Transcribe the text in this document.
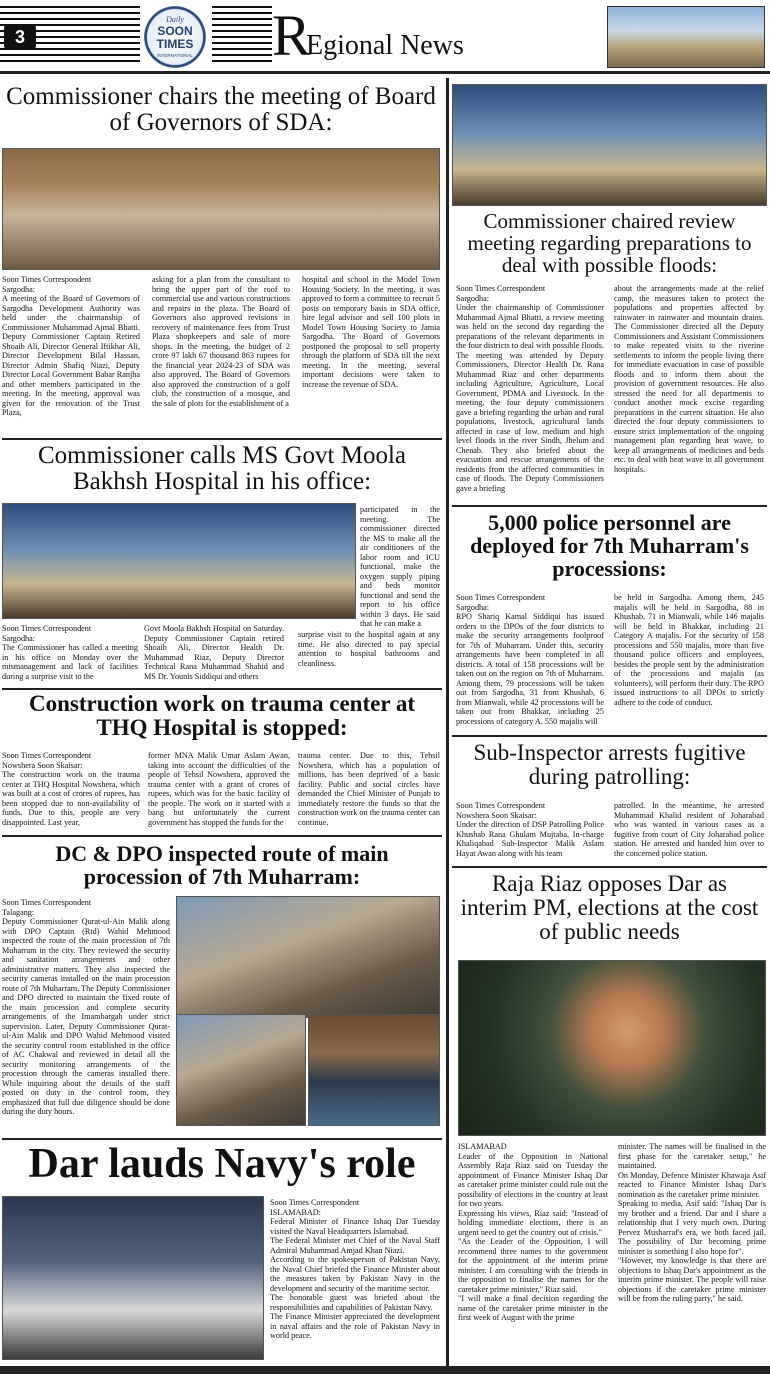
3
Daily
SOON TIMES
INTERNATIONAL R
Egional News
Commissioner chairs the meeting of Board of Governors of SDA:
Soon Times Correspondent
Sargodha:
A meeting of the Board of Governors of Sargodha Development Authority was held under the chairmanship of Commissioner Muhammad Ajmal Bhatti. Deputy Commissioner Captain Retired Shoaib Ali, Director General Iftikhar Ali, Director Development Bilal Hassan, Director Admin Shafiq Niazi, Deputy Director Local Government Babar Ranjha and other members participated in the meeting. In the meeting, approval was given for the renovation of the Trust Plaza,
asking for a plan from the consultant to bring the upper part of the roof to commercial use and various constructions and repairs in the plaza. The Board of Governors also approved revisions in recovery of maintenance fees from Trust Plaza shopkeepers and sale of more shops. In the meeting, the budget of 2 crore 97 lakh 67 thousand 863 rupees for the financial year 2024-23 of SDA was also approved. The Board of Governors also approved the construction of a golf club, the construction of a mosque, and the sale of plots for the establishment of a
hospital and school in the Model Town Housing Society. In the meeting, it was approved to form a committee to recruit 5 posts on temporary basis in SDA office, hire legal advisor and sell 100 plots in Model Town Housing Society to Jamia Sargodha. The Board of Governors postponed the proposal to sell property through the platform of SDA till the next meeting. In the meeting, several important decisions were taken to increase the revenue of SDA.
Commissioner calls MS Govt Moola Bakhsh Hospital in his office:
participated in the meeting. The commissioner directed the MS to make all the air conditioners of the labor room and ICU functional, make the oxygen supply piping and beds monitor functional and send the report to his office within 3 days. He said that he can make a
Soon Times Correspondent
Sargodha:
The Commissioner has called a meeting in his office on Monday over the mismanagement and lack of facilities during a surprise visit to the
Govt Moola Bakhsh Hospital on Saturday. Deputy Commissioner Captain retired Shoaib Ali, Director Health Dr. Muhammad Riaz, Deputy Director Technical Rana Muhammad Shahid and MS Dr. Younis Siddiqui and others
surprise visit to the hospital again at any time. He also directed to pay special attention to hospital bathrooms and cleanliness.
Construction work on trauma center at THQ Hospital is stopped:
Soon Times Correspondent
Nowshera Soon Skaisar:
The construction work on the trauma center at THQ Hospital Nowshera, which was built at a cost of crores of rupees, has been stopped due to non-availability of funds. Due to this, people are very disappointed. Last year,
former MNA Malik Umar Aslam Awan, taking into account the difficulties of the people of Tehsil Nowshera, approved the trauma center with a grant of crores of rupees, which was for the basic facility of the people. The work on it started with a bang but unfortunately the current government has stopped the funds for the
trauma center. Due to this, Tehsil Nowshera, which has a population of millions, has been deprived of a basic facility. Public and social circles have demanded the Chief Minister of Punjab to immediately restore the funds so that the construction work on the trauma center can continue.
DC & DPO inspected route of main procession of 7th Muharram:
Soon Times Correspondent
Talagang:
Deputy Commissioner Qurat-ul-Ain Malik along with DPO Captain (Rtd) Wahid Mehmood inspected the route of the main procession of 7th Muharram in the city. They reviewed the security and sanitation arrangements and other administrative matters. They also inspected the security cameras installed on the main procession route of 7th Muharram. The Deputy Commissioner and DPO directed to maintain the fixed route of the main procession and complete security arrangements of the Imambargah under strict supervision. Later, Deputy Commissioner Qurat-ul-Ain Malik and DPO Wahid Mehmood visited the security control room established in the office of AC Chakwal and reviewed in detail all the security monitoring arrangements of the procession through the cameras installed there. While inquiring about the details of the staff posted on duty in the control room, they emphasized that full due diligence should be done during the duty hours.
Dar lauds Navy's role
Soon Times Correspondent
ISLAMABAD:
Federal Minister of Finance Ishaq Dar Tuesday visited the Naval Headquarters Islamabad.
The Federal Minister met Chief of the Naval Staff Admiral Muhammad Amjad Khan Niazi.
According to the spokesperson of Pakistan Navy, the Naval Chief briefed the Finance Minister about the measures taken by Pakistan Navy in the development and security of the maritime sector.
The honorable guest was briefed about the responsibilities and capabilities of Pakistan Navy.
The Finance Minister appreciated the development in naval affairs and the role of Pakistan Navy in world peace.
Commissioner chaired review meeting regarding preparations to deal with possible floods:
Soon Times Correspondent
Sargodha:
Under the chairmanship of Commissioner Muhammad Ajmal Bhatti, a review meeting was held on the second day regarding the preparations of the relevant departments in the four districts to deal with possible floods. The meeting was attended by Deputy Commissioners, Director Health Dr. Rana Muhammad Riaz and other departments including Agriculture, Agriculture, Local Government, PDMA and Livestock. In the meeting, the four deputy commissioners gave a briefing regarding the urban and rural populations, livestock, agricultural lands affected in case of low, medium and high level floods in the river Sindh, Jhelum and Chenab. They also briefed about the evacuation and rescue arrangements of the residents from the affected communities in case of floods. The Deputy Commissioners gave a briefing
about the arrangements made at the relief camp, the measures taken to protect the populations and properties affected by rainwater in rainwater and mountain drains. The Commissioner directed all the Deputy Commissioners and Assistant Commissioners to make repeated visits to the riverine settlements to inform the people living there for immediate evacuation in case of possible floods and to inform them about the provision of government resources. He also stressed the need for all departments to conduct another mock excise regarding preparations in the current situation. He also directed the four deputy commissioners to ensure strict implementation of the ongoing management plan regarding heat wave, to keep all arrangements of medicines and beds etc. to deal with heat wave in all government hospitals.
5,000 police personnel are deployed for 7th Muharram's processions:
Soon Times Correspondent
Sargodha:
RPO Shariq Kamal Siddiqui has issued orders to the DPOs of the four districts to make the security arrangements foolproof for 7th of Muharram. Under this, security arrangements have been completed in all districts. A total of 158 processions will be taken out on the region on 7th of Muharram. Among them, 79 processions will be taken out from Sargodha, 31 from Khushab, 6 from Mianwali, while 42 processions will be taken out from Bhakkar, including 25 processions of category A. 550 majalis will
be held in Sargodha. Among them, 245 majalis will be held in Sargodha, 88 in Khushab, 71 in Mianwali, while 146 majalis will be held in Bhakkar, including 21 Category A majalis. For the security of 158 processions and 550 majalis, more than five thousand police officers and employees, besides the people sent by the administration of the processions and majalis (as volunteers), will perform their duty. The RPO issued instructions to all DPOs to strictly adhere to the code of conduct.
Sub-Inspector arrests fugitive during patrolling:
Soon Times Correspondent
Nowshera Soon Skaisar:
Under the direction of DSP Patrolling Police Khushab Rana Ghulam Mujtaba, In-charge Khaliqabad Sub-Inspector Malik Aslam Hayat Awan along with his team
patrolled. In the meantime, he arrested Muhammad Khalid resident of Joharabad who was wanted in various cases as a fugitive from court of City Joharabad police station. He arrested and handed him over to the concerned police station.
Raja Riaz opposes Dar as interim PM, elections at the cost of public needs
ISLAMABAD
Leader of the Opposition in National Assembly Raja Riaz said on Tuesday the appointment of Finance Minister Ishaq Dar as caretaker prime minister could rule out the possibility of elections in the country at least for two years.
Expressing his views, Riaz said: "Instead of holding immediate elections, there is an urgent need to get the country out of crisis."
"As the Leader of the Opposition, I will recommend three names to the government for the appointment of the interim prime minister. I am consulting with the friends in the opposition to finalise the names for the caretaker prime minister," Riaz said.
"I will make a final decision regarding the name of the caretaker prime minister in the first week of August with the prime
minister. The names will be finalised in the first phase for the caretaker setup," he maintained.
On Monday, Defence Minister Khawaja Asif reacted to Finance Minister Ishaq Dar's nomination as the caretaker prime minister.
Speaking to media, Asif said: "Ishaq Dar is my brother and a friend. Dar and I share a relationship that I very much own. During Pervez Musharraf's era, we both faced jail. The possibility of Dar becoming prime minister is something I also hope for".
"However, my knowledge is that there are objections to Ishaq Dar's appointment as the interim prime minister. The people will raise objections if the caretaker prime minister will be from the ruling party," he said.
